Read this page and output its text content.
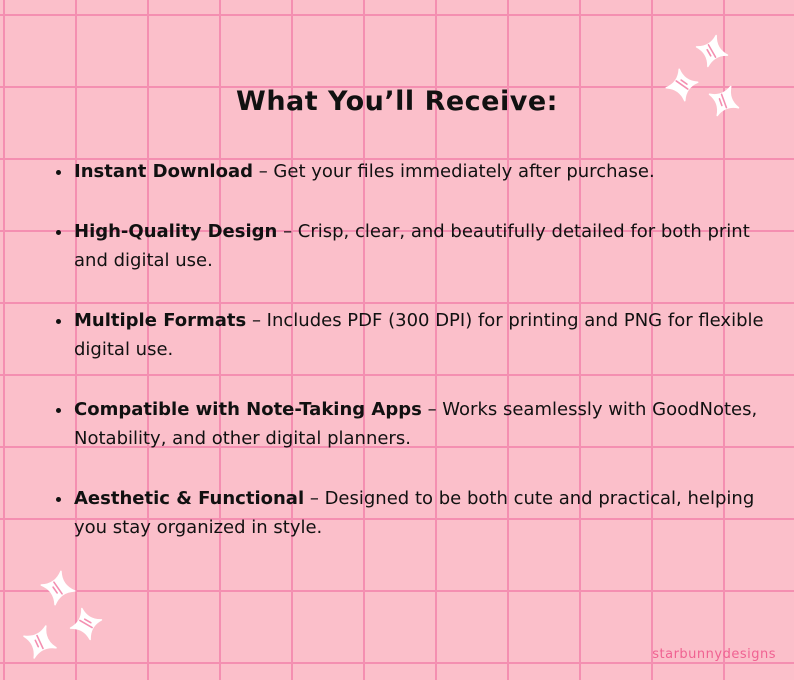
What You’ll Receive:
• Instant Download – Get your files immediately after purchase.
• High-Quality Design – Crisp, clear, and beautifully detailed for both print and digital use.
• Multiple Formats – Includes PDF (300 DPI) for printing and PNG for flexible digital use.
• Compatible with Note-Taking Apps – Works seamlessly with GoodNotes, Notability, and other digital planners.
• Aesthetic & Functional – Designed to be both cute and practical, helping you stay organized in style.
starbunnydesigns
